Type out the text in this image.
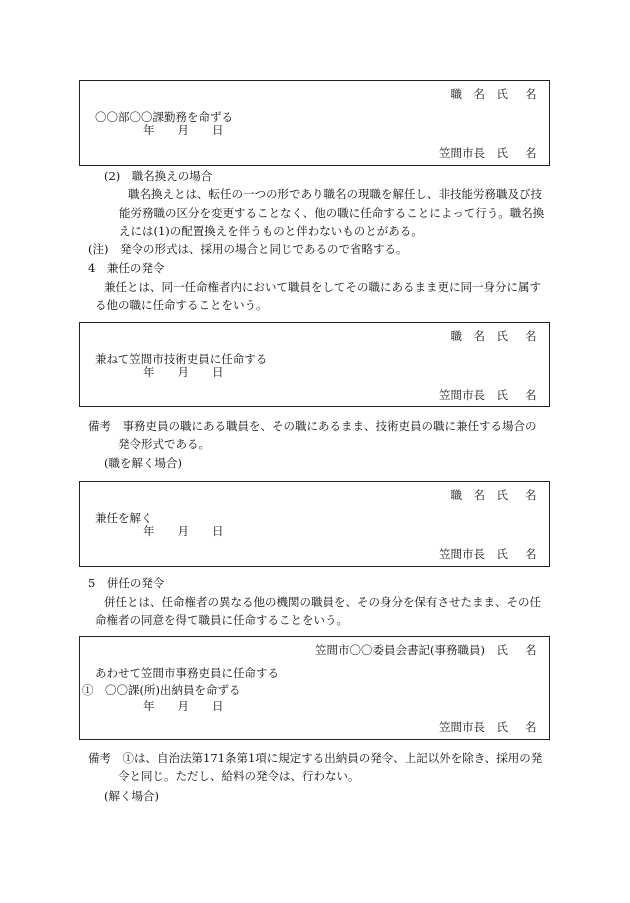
職　名　氏 名
〇〇部〇〇課勤務を命ずる
年　　月　　日
笠間市長　氏 名
(2)　職名換えの場合
職名換えとは、転任の一つの形であり職名の現職を解任し、非技能労務職及び技
能労務職の区分を変更することなく、他の職に任命することによって行う。職名換
えには(1)の配置換えを伴うものと伴わないものとがある。
(注)　発令の形式は、採用の場合と同じであるので省略する。
4　兼任の発令
兼任とは、同一任命権者内において職員をしてその職にあるまま更に同一身分に属す
る他の職に任命することをいう。
職　名　氏 名
兼ねて笠間市技術吏員に任命する
年　　月　　日
笠間市長　氏 名
備考　事務吏員の職にある職員を、その職にあるまま、技術吏員の職に兼任する場合の
発令形式である。
(職を解く場合)
職　名　氏 名
兼任を解く
年　　月　　日
笠間市長　氏 名
5　併任の発令
併任とは、任命権者の異なる他の機関の職員を、その身分を保有させたまま、その任
命権者の同意を得て職員に任命することをいう。
笠間市〇〇委員会書記(事務職員)　氏 名
あわせて笠間市事務吏員に任命する
①　〇〇課(所)出納員を命ずる
年　　月　　日
笠間市長　氏 名
備考　①は、自治法第171条第1項に規定する出納員の発令、上記以外を除き、採用の発
令と同じ。ただし、給料の発令は、行わない。
(解く場合)
